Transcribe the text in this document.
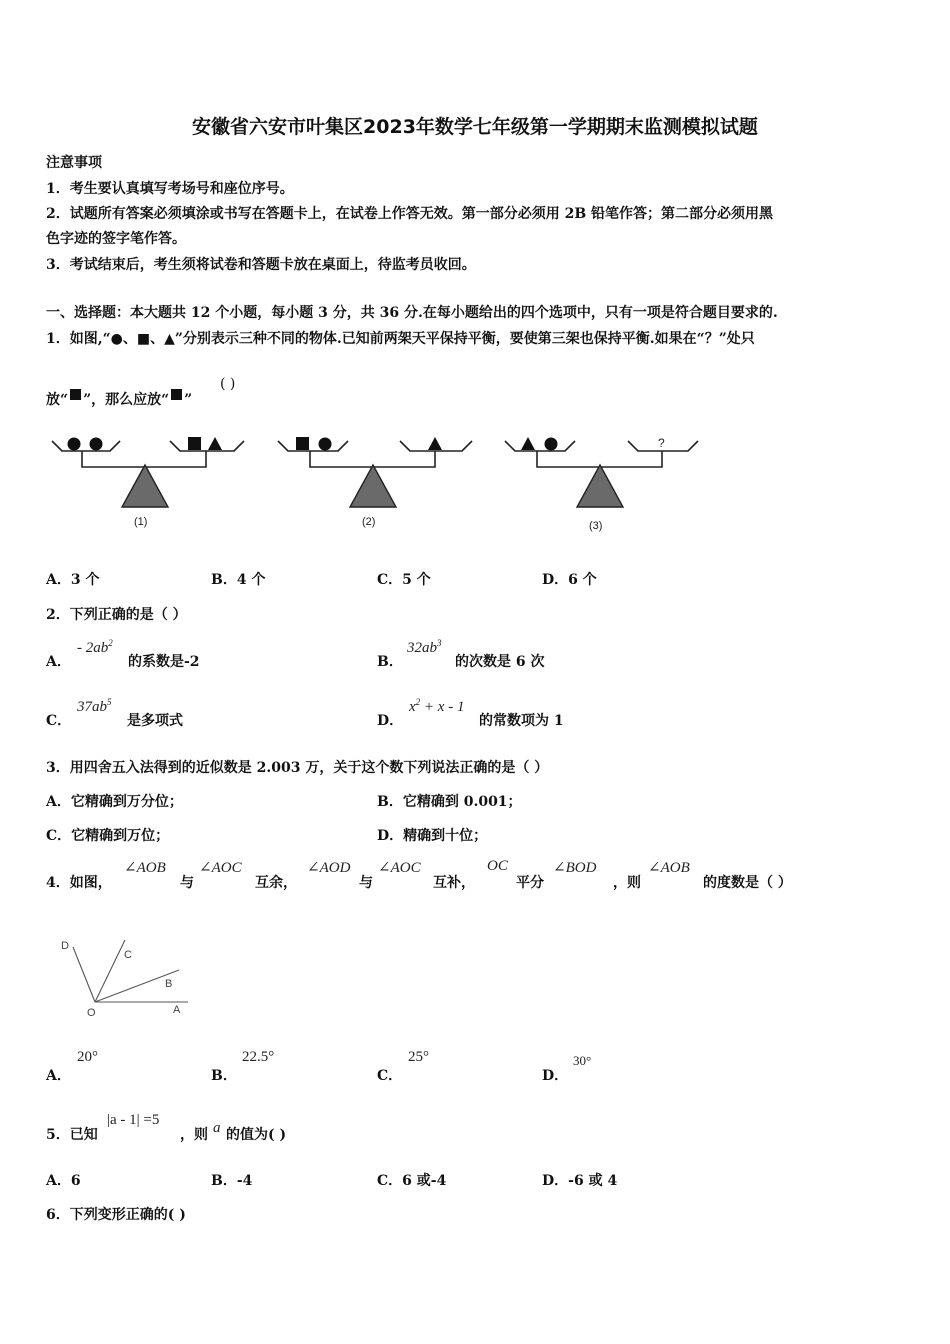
安徽省六安市叶集区2023年数学七年级第一学期期末监测模拟试题
注意事项
1．考生要认真填写考场号和座位序号。
2．试题所有答案必须填涂或书写在答题卡上，在试卷上作答无效。第一部分必须用 2B 铅笔作答；第二部分必须用黑
色字迹的签字笔作答。
3．考试结束后，考生须将试卷和答题卡放在桌面上，待监考员收回。
一、选择题：本大题共 12 个小题，每小题 3 分，共 36 分.在每小题给出的四个选项中，只有一项是符合题目要求的.
1．如图,“●、■、▲”分别表示三种不同的物体.已知前两架天平保持平衡，要使第三架也保持平衡.如果在“？”处只
放“ ”，那么应放“ ”
( )
?
(1)	(2)	(3)
A．3 个	B．4 个	C．5 个	D．6 个
2．下列正确的是（ ）
A．
- $2ab^2$
的系数是-2	B．
$32ab^3$
的次数是 6 次
C．
$37ab^5$
是多项式	D．
$x^2 + x - 1$
的常数项为 1
3．用四舍五入法得到的近似数是 2.003 万，关于这个数下列说法正确的是（ ）
A．它精确到万分位；	B．它精确到 0.001；
C．它精确到万位；	D．精确到十位；
4．如图，
∠AOB
与
∠AOC
互余，
∠AOD
与
∠AOC
互补，
OC
平分
∠BOD
，则
∠AOB
的度数是（ ）
D
C
B
O	A
A．
20°
B．
22.5°
C．
25°
D．
30°
5．已知
|a - 1| =5
，则 a 的值为( )
A．6	B．-4	C．6 或-4	D．-6 或 4
6．下列变形正确的( )
